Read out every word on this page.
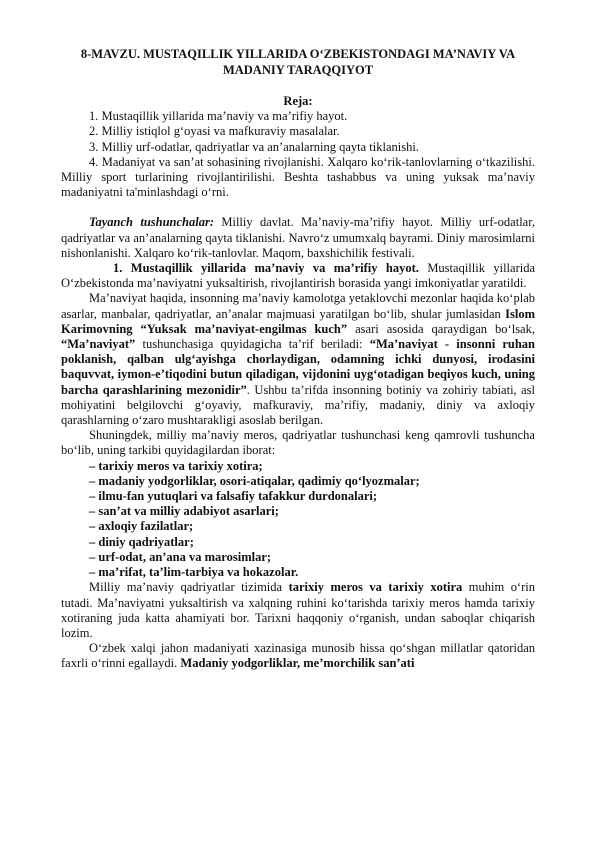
8-MAVZU. MUSTAQILLIK YILLARIDA O‘ZBEKISTONDAGI MA’NAVIY VA MADANIY TARAQQIYOT
Reja:
1. Mustaqillik yillarida ma’naviy va ma’rifiy hayot.
2. Milliy istiqlol g‘oyasi va mafkuraviy masalalar.
3. Milliy urf-odatlar, qadriyatlar va an’analarning qayta tiklanishi.
4. Madaniyat va san’at sohasining rivojlanishi. Xalqaro ko‘rik-tanlovlarning o‘tkazilishi. Milliy sport turlarining rivojlantirilishi. Beshta tashabbus va uning yuksak ma’naviy madaniyatni ta'minlashdagi o‘rni.

Tayanch tushunchalar: Milliy davlat. Ma’naviy-ma’rifiy hayot. Milliy urf-odatlar, qadriyatlar va an’analarning qayta tiklanishi. Navro‘z umumxalq bayrami. Diniy marosimlarni nishonlanishi. Xalqaro ko‘rik-tanlovlar. Maqom, baxshichilik festivali.

1. Mustaqillik yillarida ma’naviy va ma’rifiy hayot. Mustaqillik yillarida O‘zbekistonda ma’naviyatni yuksaltirish, rivojlantirish borasida yangi imkoniyatlar yaratildi.

Ma’naviyat haqida, insonning ma’naviy kamolotga yetaklovchi mezonlar haqida ko‘plab asarlar, manbalar, qadriyatlar, an’analar majmuasi yaratilgan bo‘lib, shular jumlasidan Islom Karimovning “Yuksak ma’naviyat-engilmas kuch” asari asosida qaraydigan bo‘lsak, “Ma’naviyat” tushunchasiga quyidagicha ta’rif beriladi: “Ma’naviyat - insonni ruhan poklanish, qalban ulg‘ayishga chorlaydigan, odamning ichki dunyosi, irodasini baquvvat, iymon-e’tiqodini butun qiladigan, vijdonini uyg‘otadigan beqiyos kuch, uning barcha qarashlarining mezonidir”. Ushbu ta’rifda insonning botiniy va zohiriy tabiati, asl mohiyatini belgilovchi g‘oyaviy, mafkuraviy, ma’rifiy, madaniy, diniy va axloqiy qarashlarning o‘zaro mushtarakligi asoslab berilgan.

Shuningdek, milliy ma’naviy meros, qadriyatlar tushunchasi keng qamrovli tushuncha bo‘lib, uning tarkibi quyidagilardan iborat:

– tarixiy meros va tarixiy xotira;
– madaniy yodgorliklar, osori-atiqalar, qadimiy qo‘lyozmalar;
– ilmu-fan yutuqlari va falsafiy tafakkur durdonalari;
– san’at va milliy adabiyot asarlari;
– axloqiy fazilatlar;
– diniy qadriyatlar;
– urf-odat, an’ana va marosimlar;
– ma’rifat, ta’lim-tarbiya va hokazolar.

Milliy ma’naviy qadriyatlar tizimida tarixiy meros va tarixiy xotira muhim o‘rin tutadi. Ma’naviyatni yuksaltirish va xalqning ruhini ko‘tarishda tarixiy meros hamda tarixiy xotiraning juda katta ahamiyati bor. Tarixni haqqoniy o‘rganish, undan saboqlar chiqarish lozim.

O‘zbek xalqi jahon madaniyati xazinasiga munosib hissa qo‘shgan millatlar qatoridan faxrli o‘rinni egallaydi. Madaniy yodgorliklar, me’morchilik san’ati
